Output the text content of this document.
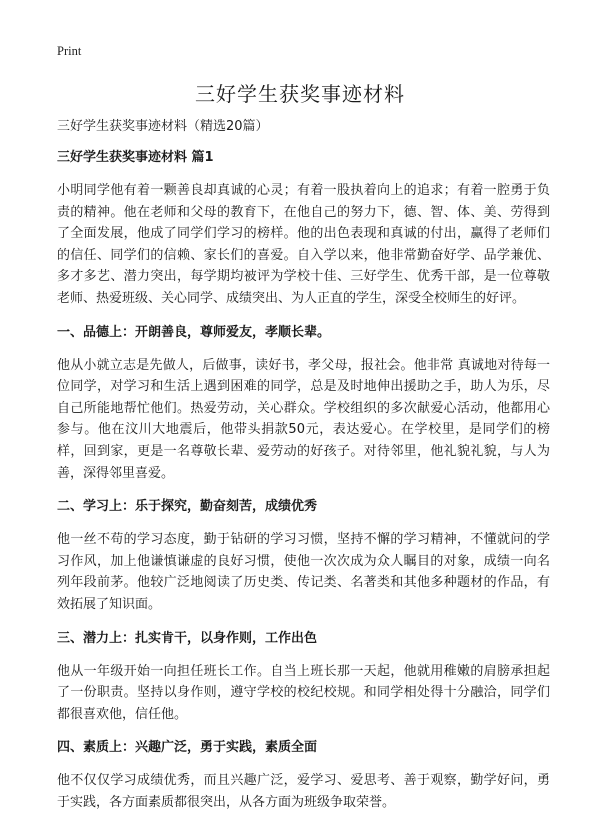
Print
三好学生获奖事迹材料

三好学生获奖事迹材料（精选20篇）

三好学生获奖事迹材料 篇1

小明同学他有着一颗善良却真诚的心灵；有着一股执着向上的追求；有着一腔勇于负责的精神。他在老师和父母的教育下，在他自己的努力下，德、智、体、美、劳得到了全面发展，他成了同学们学习的榜样。他的出色表现和真诚的付出，赢得了老师们的信任、同学们的信赖、家长们的喜爱。自入学以来，他非常勤奋好学、品学兼优、多才多艺、潜力突出，每学期均被评为学校十佳、三好学生、优秀干部，是一位尊敬老师、热爱班级、关心同学、成绩突出、为人正直的学生，深受全校师生的好评。

一、品德上：开朗善良，尊师爱友，孝顺长辈。

他从小就立志是先做人，后做事，读好书，孝父母，报社会。他非常 真诚地对待每一位同学，对学习和生活上遇到困难的同学，总是及时地伸出援助之手，助人为乐，尽自己所能地帮忙他们。热爱劳动，关心群众。学校组织的多次献爱心活动，他都用心参与。他在汶川大地震后，他带头捐款50元，表达爱心。在学校里，是同学们的榜样，回到家，更是一名尊敬长辈、爱劳动的好孩子。对待邻里，他礼貌礼貌，与人为善，深得邻里喜爱。

二、学习上：乐于探究，勤奋刻苦，成绩优秀

他一丝不苟的学习态度，勤于钻研的学习习惯，坚持不懈的学习精神，不懂就问的学习作风，加上他谦慎谦虚的良好习惯，使他一次次成为众人瞩目的对象，成绩一向名列年段前茅。他较广泛地阅读了历史类、传记类、名著类和其他多种题材的作品，有效拓展了知识面。

三、潜力上：扎实肯干，以身作则，工作出色

他从一年级开始一向担任班长工作。自当上班长那一天起，他就用稚嫩的肩膀承担起了一份职责。坚持以身作则，遵守学校的校纪校规。和同学相处得十分融洽，同学们都很喜欢他，信任他。

四、素质上：兴趣广泛，勇于实践，素质全面

他不仅仅学习成绩优秀，而且兴趣广泛，爱学习、爱思考、善于观察，勤学好问，勇于实践，各方面素质都很突出，从各方面为班级争取荣誉。
